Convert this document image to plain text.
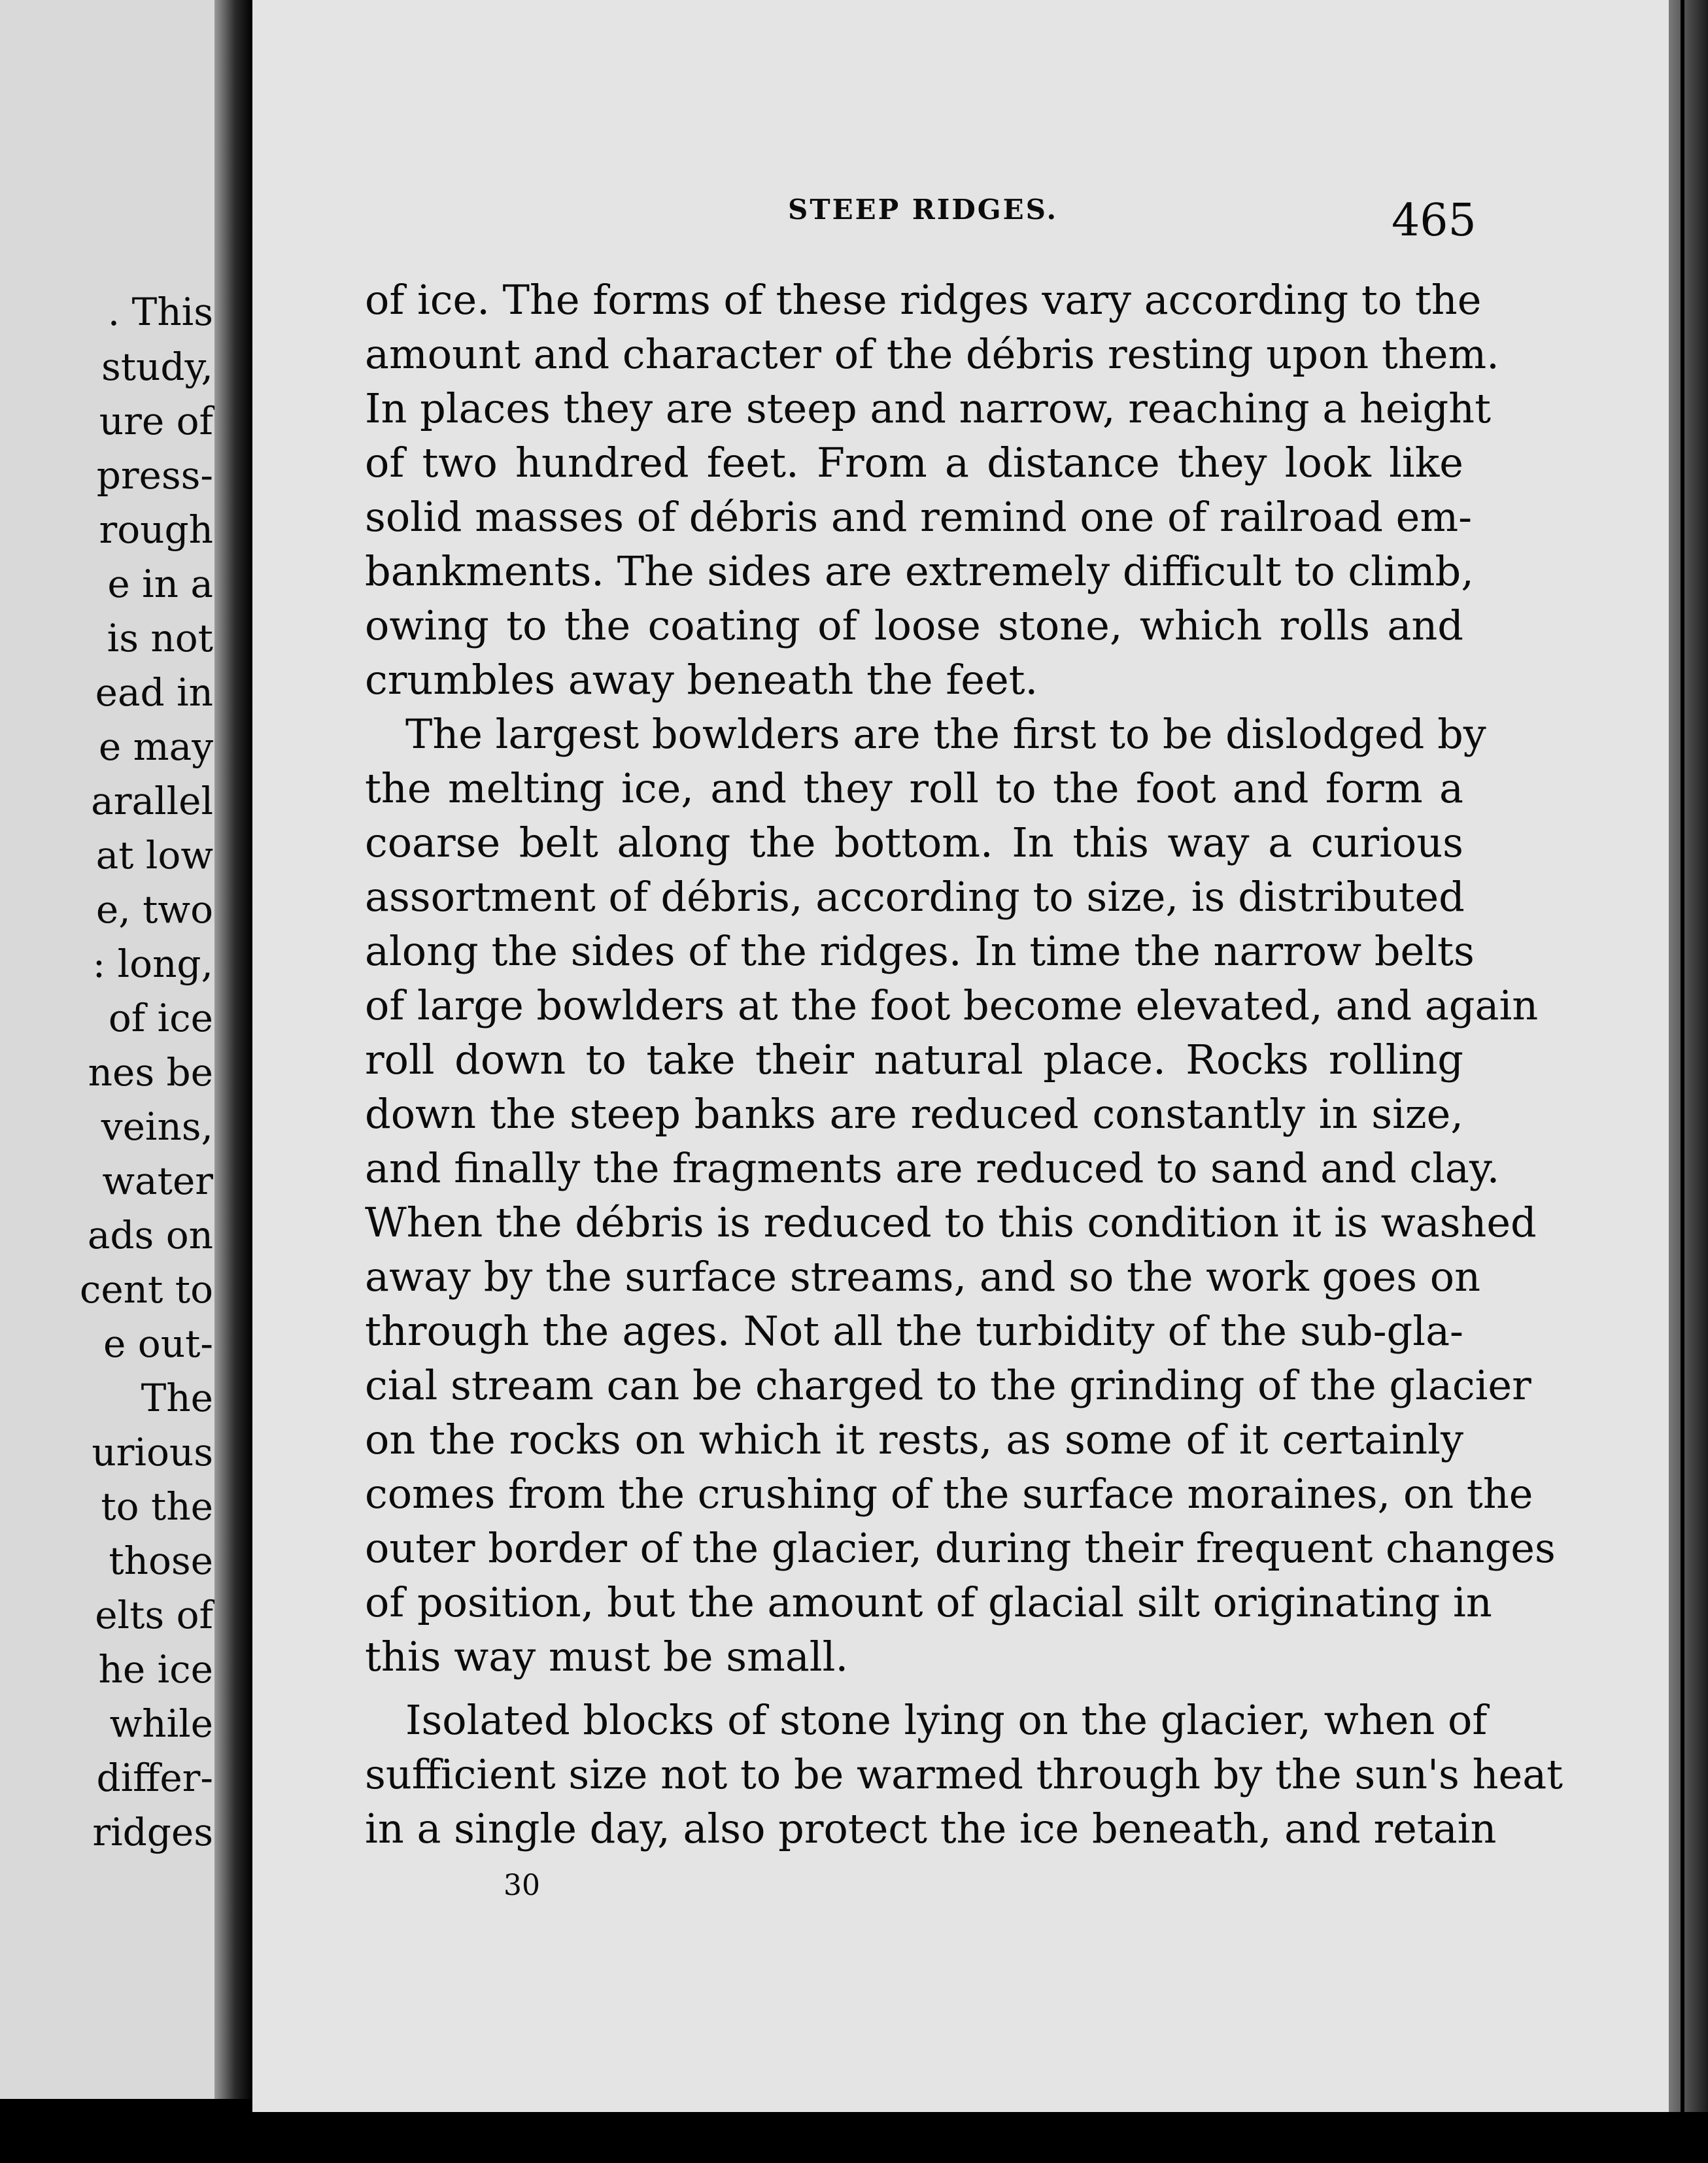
. This
study,
ure of
press-
rough
e in a
is not
ead in
e may
arallel
at low
e, two
: long,
of ice
nes be
veins,
water
ads on
cent to
e out-
The
urious
to the
those
elts of
he ice
while
differ-
ridges
STEEP RIDGES.	465
of ice. The forms of these ridges vary according to the
amount and character of the débris resting upon them.
In places they are steep and narrow, reaching a height
of two hundred feet. From a distance they look like
solid masses of débris and remind one of railroad em-
bankments. The sides are extremely difficult to climb,
owing to the coating of loose stone, which rolls and
crumbles away beneath the feet.
The largest bowlders are the first to be dislodged by
the melting ice, and they roll to the foot and form a
coarse belt along the bottom. In this way a curious
assortment of débris, according to size, is distributed
along the sides of the ridges. In time the narrow belts
of large bowlders at the foot become elevated, and again
roll down to take their natural place. Rocks rolling
down the steep banks are reduced constantly in size,
and finally the fragments are reduced to sand and clay.
When the débris is reduced to this condition it is washed
away by the surface streams, and so the work goes on
through the ages. Not all the turbidity of the sub-gla-
cial stream can be charged to the grinding of the glacier
on the rocks on which it rests, as some of it certainly
comes from the crushing of the surface moraines, on the
outer border of the glacier, during their frequent changes
of position, but the amount of glacial silt originating in
this way must be small.
Isolated blocks of stone lying on the glacier, when of
sufficient size not to be warmed through by the sun's heat
in a single day, also protect the ice beneath, and retain
30
